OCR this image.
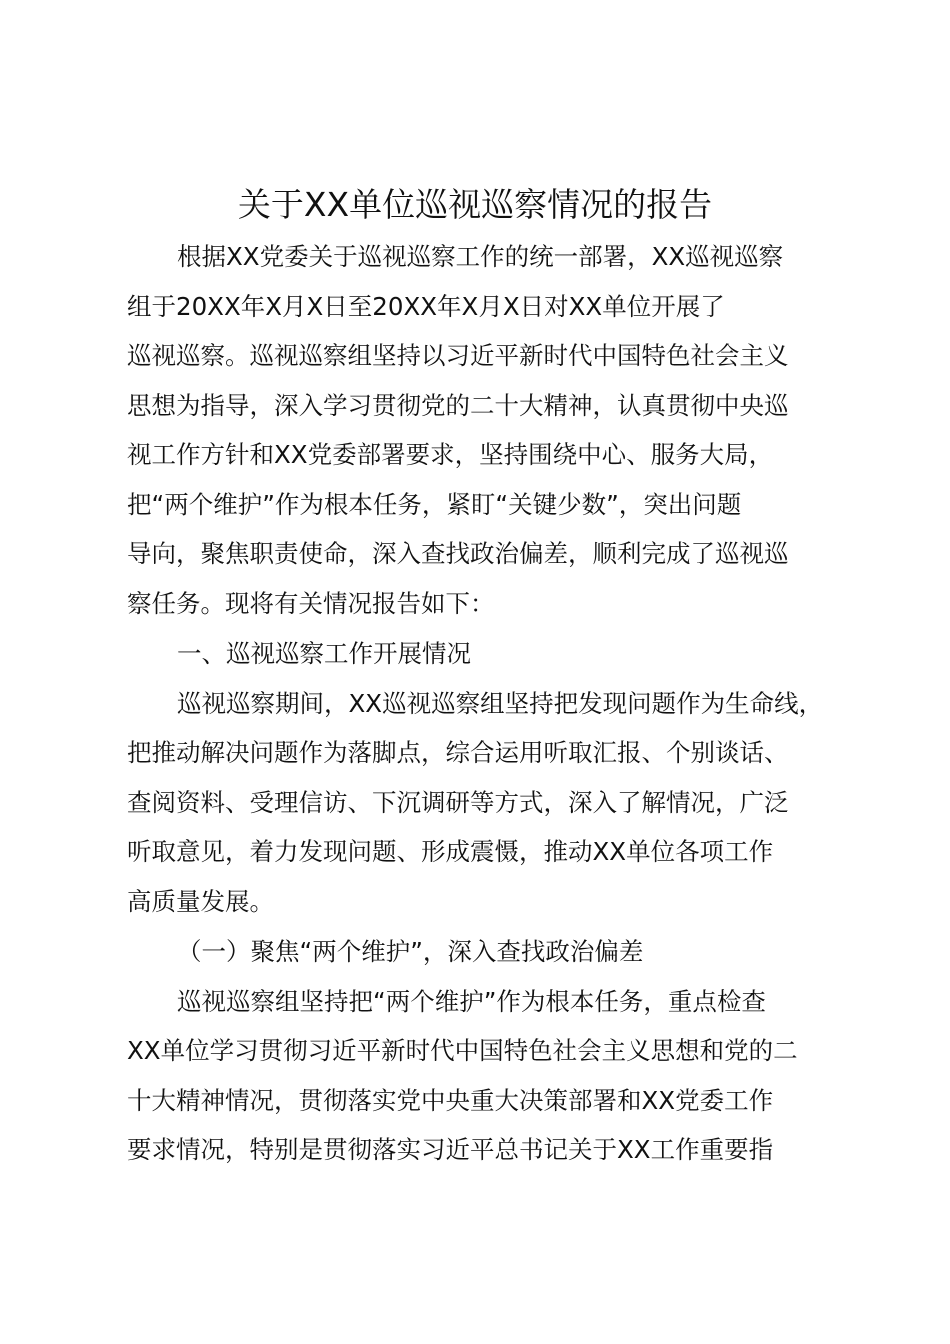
关于XX单位巡视巡察情况的报告

根据XX党委关于巡视巡察工作的统一部署，XX巡视巡察

组于20XX年X月X日至20XX年X月X日对XX单位开展了

巡视巡察。巡视巡察组坚持以习近平新时代中国特色社会主义

思想为指导，深入学习贯彻党的二十大精神，认真贯彻中央巡

视工作方针和XX党委部署要求，坚持围绕中心、服务大局，

把“两个维护”作为根本任务，紧盯“关键少数”，突出问题

导向，聚焦职责使命，深入查找政治偏差，顺利完成了巡视巡

察任务。现将有关情况报告如下：

一、巡视巡察工作开展情况

巡视巡察期间，XX巡视巡察组坚持把发现问题作为生命线，

把推动解决问题作为落脚点，综合运用听取汇报、个别谈话、

查阅资料、受理信访、下沉调研等方式，深入了解情况，广泛

听取意见，着力发现问题、形成震慑，推动XX单位各项工作

高质量发展。

（一）聚焦“两个维护”，深入查找政治偏差

巡视巡察组坚持把“两个维护”作为根本任务，重点检查

XX单位学习贯彻习近平新时代中国特色社会主义思想和党的二

十大精神情况，贯彻落实党中央重大决策部署和XX党委工作

要求情况，特别是贯彻落实习近平总书记关于XX工作重要指
